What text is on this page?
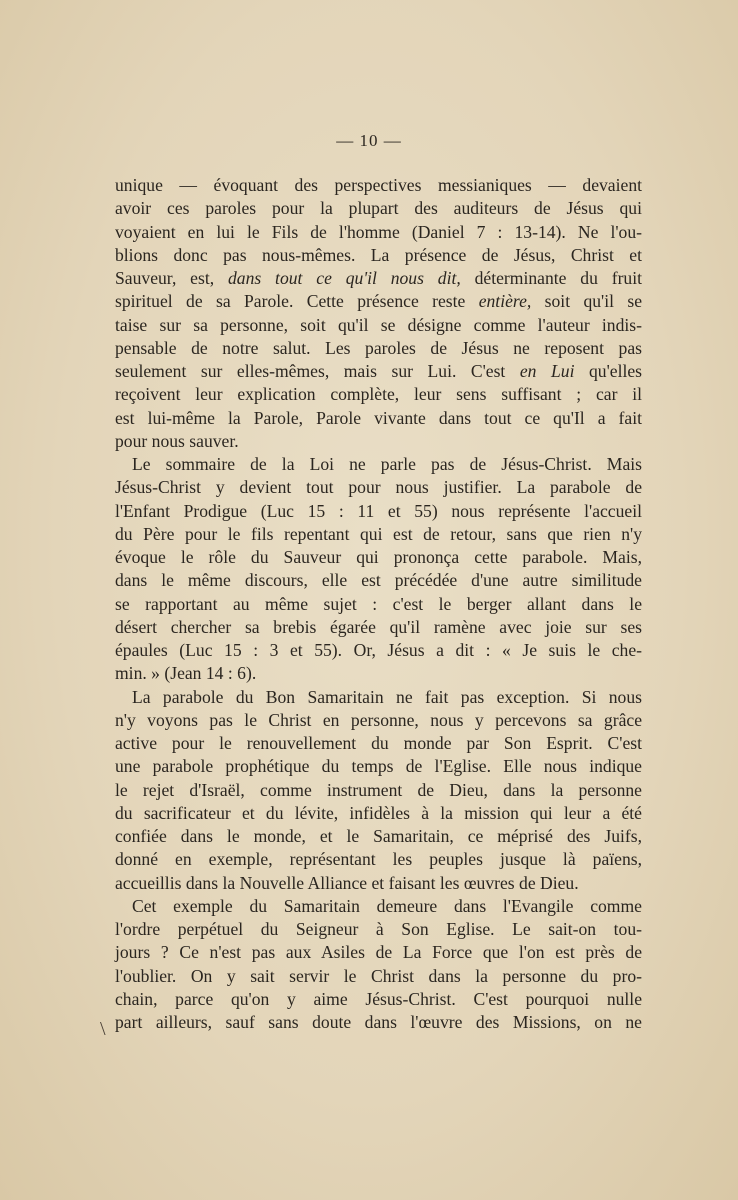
— 10 —
unique — évoquant des perspectives messianiques — devaient
avoir ces paroles pour la plupart des auditeurs de Jésus qui
voyaient en lui le Fils de l'homme (Daniel 7 : 13-14). Ne l'ou-
blions donc pas nous-mêmes. La présence de Jésus, Christ et
Sauveur, est, dans tout ce qu'il nous dit, déterminante du fruit
spirituel de sa Parole. Cette présence reste entière, soit qu'il se
taise sur sa personne, soit qu'il se désigne comme l'auteur indis-
pensable de notre salut. Les paroles de Jésus ne reposent pas
seulement sur elles-mêmes, mais sur Lui. C'est en Lui qu'elles
reçoivent leur explication complète, leur sens suffisant ; car il
est lui-même la Parole, Parole vivante dans tout ce qu'Il a fait
pour nous sauver.
Le sommaire de la Loi ne parle pas de Jésus-Christ. Mais
Jésus-Christ y devient tout pour nous justifier. La parabole de
l'Enfant Prodigue (Luc 15 : 11 et 55) nous représente l'accueil
du Père pour le fils repentant qui est de retour, sans que rien n'y
évoque le rôle du Sauveur qui prononça cette parabole. Mais,
dans le même discours, elle est précédée d'une autre similitude
se rapportant au même sujet : c'est le berger allant dans le
désert chercher sa brebis égarée qu'il ramène avec joie sur ses
épaules (Luc 15 : 3 et 55). Or, Jésus a dit : « Je suis le che-
min. » (Jean 14 : 6).
La parabole du Bon Samaritain ne fait pas exception. Si nous
n'y voyons pas le Christ en personne, nous y percevons sa grâce
active pour le renouvellement du monde par Son Esprit. C'est
une parabole prophétique du temps de l'Eglise. Elle nous indique
le rejet d'Israël, comme instrument de Dieu, dans la personne
du sacrificateur et du lévite, infidèles à la mission qui leur a été
confiée dans le monde, et le Samaritain, ce méprisé des Juifs,
donné en exemple, représentant les peuples jusque là païens,
accueillis dans la Nouvelle Alliance et faisant les œuvres de Dieu.
Cet exemple du Samaritain demeure dans l'Evangile comme
l'ordre perpétuel du Seigneur à Son Eglise. Le sait-on tou-
jours ? Ce n'est pas aux Asiles de La Force que l'on est près de
l'oublier. On y sait servir le Christ dans la personne du pro-
chain, parce qu'on y aime Jésus-Christ. C'est pourquoi nulle
part ailleurs, sauf sans doute dans l'œuvre des Missions, on ne
\
